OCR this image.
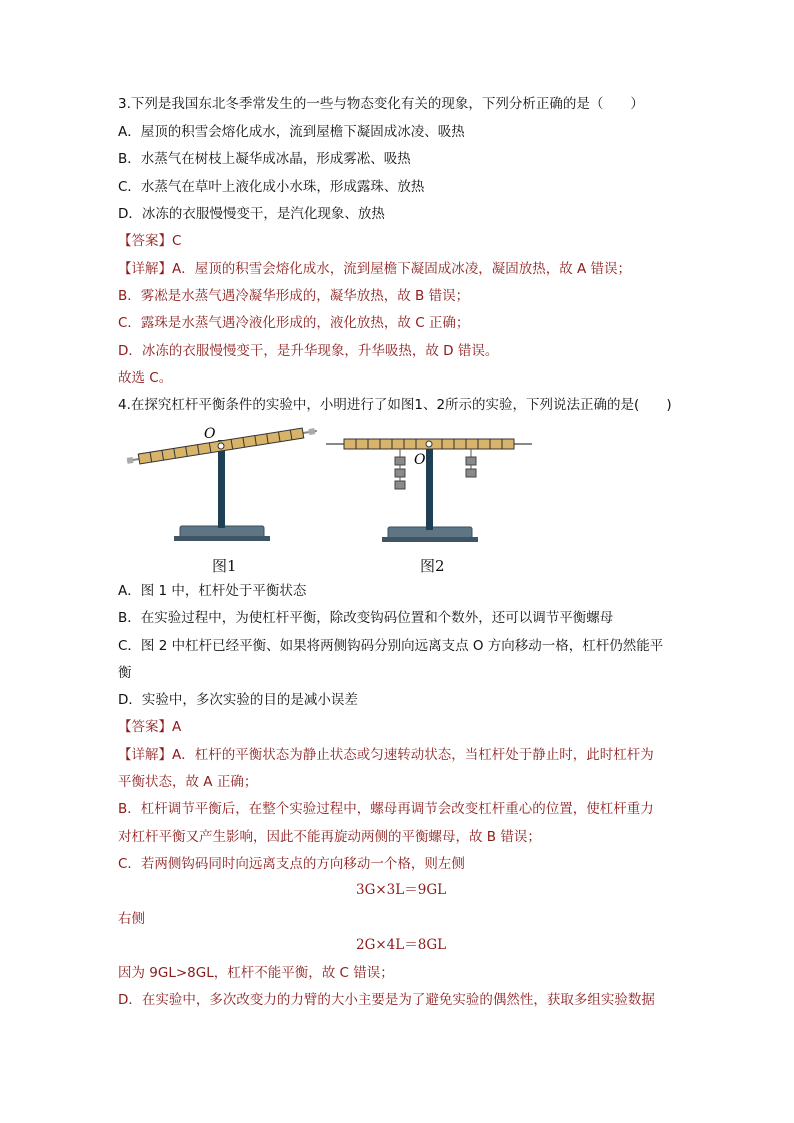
3.下列是我国东北冬季常发生的一些与物态变化有关的现象，下列分析正确的是（　　）
A．屋顶的积雪会熔化成水，流到屋檐下凝固成冰凌、吸热
B．水蒸气在树枝上凝华成冰晶，形成雾凇、吸热
C．水蒸气在草叶上液化成小水珠，形成露珠、放热
D．冰冻的衣服慢慢变干，是汽化现象、放热
【答案】C
【详解】A．屋顶的积雪会熔化成水，流到屋檐下凝固成冰凌，凝固放热，故 A 错误；
B．雾凇是水蒸气遇冷凝华形成的，凝华放热，故 B 错误；
C．露珠是水蒸气遇冷液化形成的，液化放热，故 C 正确；
D．冰冻的衣服慢慢变干，是升华现象，升华吸热，故 D 错误。
故选 C。
4.在探究杠杆平衡条件的实验中，小明进行了如图1、2所示的实验，下列说法正确的是(　　)
O
图1
O
图2
A．图 1 中，杠杆处于平衡状态
B．在实验过程中，为使杠杆平衡，除改变钩码位置和个数外，还可以调节平衡螺母
C．图 2 中杠杆已经平衡、如果将两侧钩码分别向远离支点 O 方向移动一格，杠杆仍然能平
衡
D．实验中，多次实验的目的是减小误差
【答案】A
【详解】A．杠杆的平衡状态为静止状态或匀速转动状态，当杠杆处于静止时，此时杠杆为
平衡状态，故 A 正确；
B．杠杆调节平衡后，在整个实验过程中，螺母再调节会改变杠杆重心的位置，使杠杆重力
对杠杆平衡又产生影响，因此不能再旋动两侧的平衡螺母，故 B 错误；
C．若两侧钩码同时向远离支点的方向移动一个格，则左侧
3G×3L＝9GL
右侧
2G×4L＝8GL
因为 9GL>8GL，杠杆不能平衡，故 C 错误；
D．在实验中，多次改变力的力臂的大小主要是为了避免实验的偶然性，获取多组实验数据
